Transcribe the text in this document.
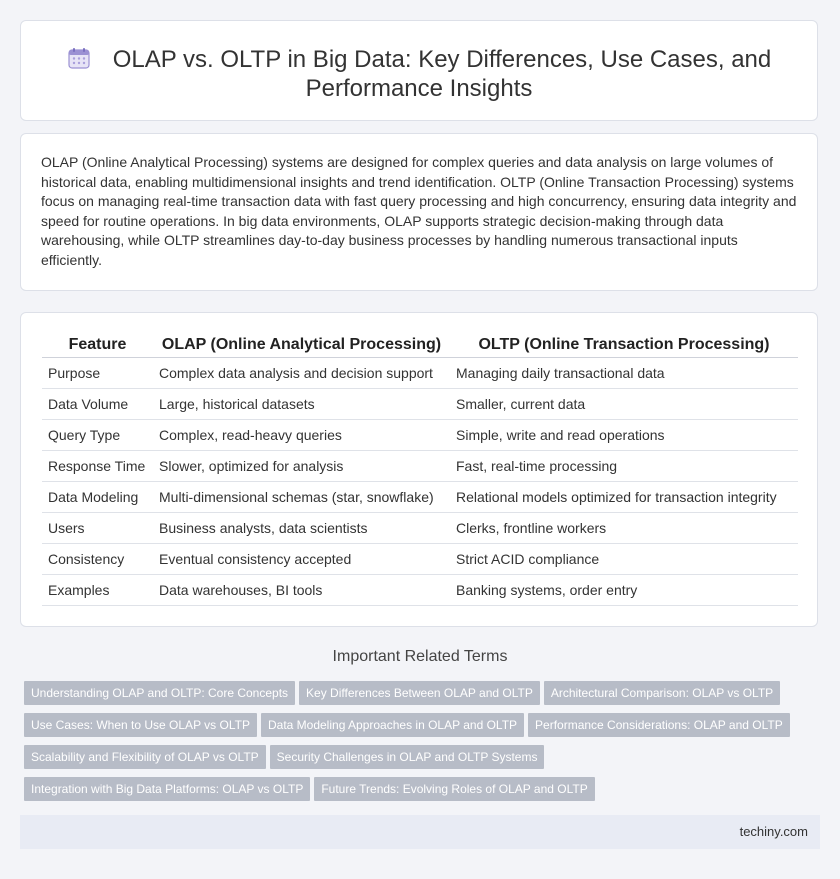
OLAP vs. OLTP in Big Data: Key Differences, Use Cases, and Performance Insights

OLAP (Online Analytical Processing) systems are designed for complex queries and data analysis on large volumes of historical data, enabling multidimensional insights and trend identification. OLTP (Online Transaction Processing) systems focus on managing real-time transaction data with fast query processing and high concurrency, ensuring data integrity and speed for routine operations. In big data environments, OLAP supports strategic decision-making through data warehousing, while OLTP streamlines day-to-day business processes by handling numerous transactional inputs efficiently.

Feature	OLAP (Online Analytical Processing)	OLTP (Online Transaction Processing)
Purpose	Complex data analysis and decision support	Managing daily transactional data
Data Volume	Large, historical datasets	Smaller, current data
Query Type	Complex, read-heavy queries	Simple, write and read operations
Response Time	Slower, optimized for analysis	Fast, real-time processing
Data Modeling	Multi-dimensional schemas (star, snowflake)	Relational models optimized for transaction integrity
Users	Business analysts, data scientists	Clerks, frontline workers
Consistency	Eventual consistency accepted	Strict ACID compliance
Examples	Data warehouses, BI tools	Banking systems, order entry
Important Related Terms
Understanding OLAP and OLTP: Core Concepts Key Differences Between OLAP and OLTP Architectural Comparison: OLAP vs OLTP
Use Cases: When to Use OLAP vs OLTP Data Modeling Approaches in OLAP and OLTP Performance Considerations: OLAP and OLTP
Scalability and Flexibility of OLAP vs OLTP Security Challenges in OLAP and OLTP Systems
Integration with Big Data Platforms: OLAP vs OLTP Future Trends: Evolving Roles of OLAP and OLTP
techiny.com
